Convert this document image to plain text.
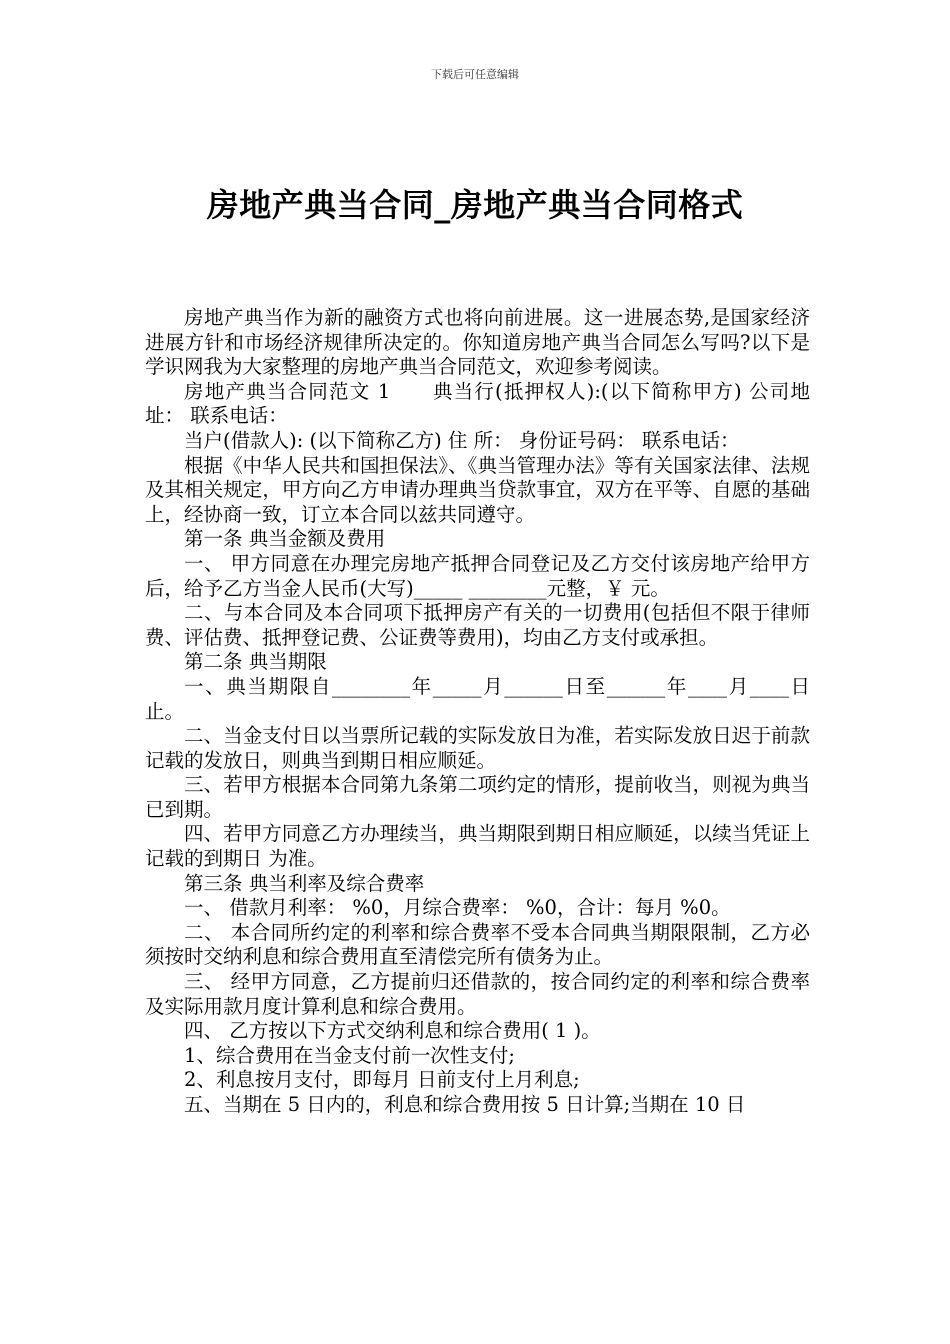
下载后可任意编辑
房地产典当合同_房地产典当合同格式

房地产典当作为新的融资方式也将向前进展。这一进展态势,是国家经济进展方针和市场经济规律所决定的。你知道房地产典当合同怎么写吗?以下是学识网我为大家整理的房地产典当合同范文，欢迎参考阅读。

房地产典当合同范文 1　　典当行(抵押权人):(以下简称甲方) 公司地址： 联系电话：

当户(借款人): (以下简称乙方) 住 所： 身份证号码： 联系电话：

根据《中华人民共和国担保法》、《典当管理办法》等有关国家法律、法规及其相关规定，甲方向乙方申请办理典当贷款事宜，双方在平等、自愿的基础上，经协商一致，订立本合同以兹共同遵守。

第一条 典当金额及费用

一、 甲方同意在办理完房地产抵押合同登记及乙方交付该房地产给甲方后，给予乙方当金人民币(大写)_____ ________元整，￥ 元。

二、与本合同及本合同项下抵押房产有关的一切费用(包括但不限于律师费、评估费、抵押登记费、公证费等费用)，均由乙方支付或承担。

第二条 典当期限

一、典当期限自________年_____月______日至______年____月____日止。

二、当金支付日以当票所记载的实际发放日为准，若实际发放日迟于前款记载的发放日，则典当到期日相应顺延。

三、若甲方根据本合同第九条第二项约定的情形，提前收当，则视为典当已到期。

四、若甲方同意乙方办理续当，典当期限到期日相应顺延，以续当凭证上记载的到期日 为准。

第三条 典当利率及综合费率

一、 借款月利率： %0，月综合费率： %0，合计：每月 %0。

二、 本合同所约定的利率和综合费率不受本合同典当期限限制，乙方必须按时交纳利息和综合费用直至清偿完所有债务为止。

三、 经甲方同意，乙方提前归还借款的，按合同约定的利率和综合费率及实际用款月度计算利息和综合费用。

四、 乙方按以下方式交纳利息和综合费用( 1 )。

1、综合费用在当金支付前一次性支付;

2、利息按月支付，即每月 日前支付上月利息;

五、当期在 5 日内的，利息和综合费用按 5 日计算;当期在 10 日
